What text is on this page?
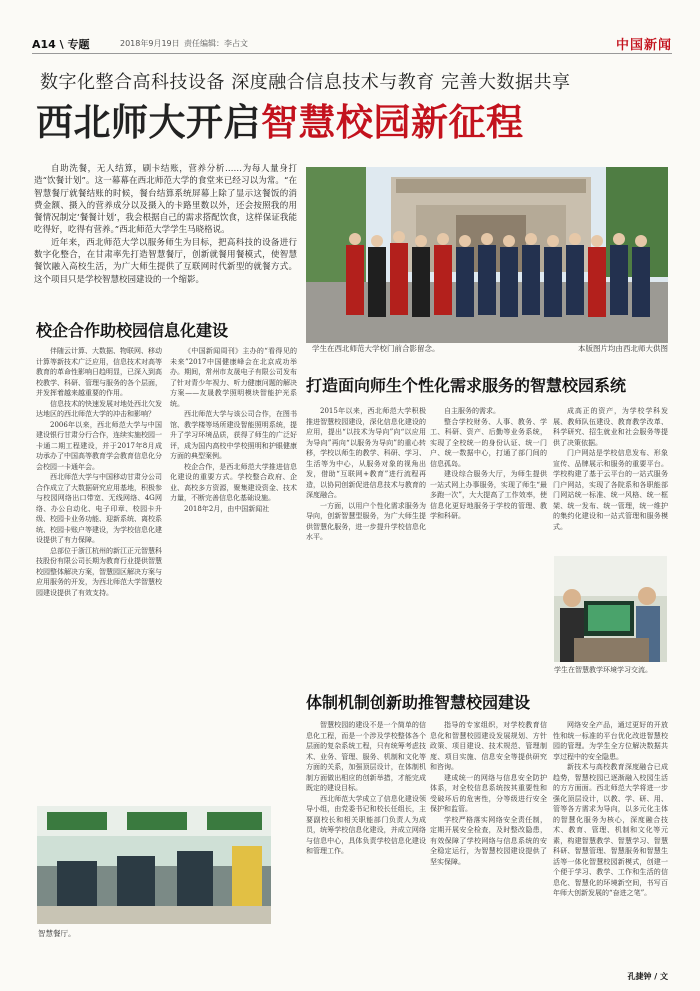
A14 \ 专题	2018年9月19日 责任编辑：李占文	中国新闻
数字化整合高科技设备 深度融合信息技术与教育 完善大数据共享
西北师大开启智慧校园新征程

自助洗餐，无人结算，刷卡结账，营养分析……为每人量身打造“饮餐计划”。这一幕幕在西北师范大学的食堂来已经习以为常。“在智慧餐厅就餐结账的时候，餐台结算系统屏幕上除了显示这餐饭的消费金额、摄入的营养成分以及摄入的卡路里数以外，还会按照我的用餐情况制定‘餐餐计划’，我会根据自己的需求搭配饮食，这样保证我能吃得好，吃得有营养。”西北师范大学学生马晓格说。

近年来，西北师范大学以服务师生为目标，把高科技的设备进行数字化整合，在甘肃率先打造智慧餐厅，创新就餐用餐模式，使智慧餐饮融入高校生活，为广大师生提供了互联网时代新型的就餐方式。这个项目只是学校智慧校园建设的一个缩影。

学生在西北师范大学校门前合影留念。	本版图片均由西北师大供图
校企合作助校园信息化建设

伴随云计算、大数据、物联网、移动计算等新技术广泛应用，信息技术对高等教育的革命性影响日趋明显，已深入到高校教学、科研、管理与服务的各个层面，并发挥着越来越重要的作用。

信息技术的快速发展对地处西北欠发达地区的西北师范大学的冲击和影响？

2006年以来，西北师范大学与中国建设银行甘肃分行合作，连续实施校园一卡通二期工程建设，并于2017年8月成功承办了中国高等教育学会教育信息化分会校园一卡通年会。

西北师范大学与中国移动甘肃分公司合作成立了大数据研究应用基地，积极参与校园网络出口带宽、无线网络、4G网络、办公自动化、电子印章、校园卡升级、校园卡业务功能、迎新系统、离校系统、校园卡账户等建设，为学校信息化建设提供了有力保障。

总部位于浙江杭州的新江正元智慧科技股份有限公司长期为教育行业提供智慧校园整体解决方案，智慧园区解决方案与应用服务的开发，为西北师范大学智慧校园建设提供了有效支持。

《中国新闻周刊》主办的“看得见的未来”2017中国健康峰会在北京成功举办。期间，常州市友晟电子有限公司发布了针对青少年视力、听力健康问题的解决方案——友晟教学照明模块智能护光系统。

西北师范大学与该公司合作，在图书馆、教学楼等场所建设智能照明系统，提升了学习环境品质，获得了师生的广泛好评，成为国内高校中学校照明和护眼健康方面的典型案例。

校企合作，是西北师范大学推进信息化建设的重要方式。学校整合政府、企业、高校多方资源，聚集建设资金、技术力量，不断完善信息化基础设施。

2018年2月，由中国新闻社

智慧餐厅。
打造面向师生个性化需求服务的智慧校园系统

2015年以来，西北师范大学积极推进智慧校园建设，深化信息化建设的应用，提出“以技术为导向”向“以应用为导向”再向“以服务为导向”的重心转移，学校以师生的教学、科研、学习、生活等为中心，从服务对象的视角出发，借助“互联网+教育”进行流程再造，以协同创新促进信息技术与教育的深度融合。

一方面，以用户个性化需求服务为导向，创新智慧型服务，为广大师生提供智慧化服务，进一步提升学校信息化水平。

自主服务的需求。

整合学校财务、人事、教务、学工、科研、资产、后勤等业务系统，实现了全校统一的身份认证、统一门户、统一数据中心，打通了部门间的信息孤岛。

建设综合服务大厅，为师生提供一站式网上办事服务，实现了师生“最多跑一次”，大大提高了工作效率，使信息化更好地服务于学校的管理、教学和科研。

成高正的资产，为学校学科发展、教师队伍建设、教育教学改革、科学研究、招生就业和社会服务等提供了决策依据。

门户网站是学校信息发布、形象宣传、品牌展示和服务的重要平台。学校构建了基于云平台的一站式服务门户网站，实现了各院系和各职能部门网站统一标准、统一风格、统一框架、统一发布、统一管理，统一维护的集约化建设和一站式管理和服务模式。

学生在智慧教学环境学习交流。
体制机制创新助推智慧校园建设

智慧校园的建设不是一个简单的信息化工程，而是一个涉及学校整体各个层面的复杂系统工程，只有统筹考虑技术、业务、管理、服务、机制和文化等方面的关系，加强顶层设计，在体制机制方面做出相应的创新举措，才能完成既定的建设目标。

西北师范大学成立了信息化建设领导小组，由党委书记和校长任组长，主要副校长和相关职能部门负责人为成员，统筹学校信息化建设，并成立网络与信息中心，具体负责学校信息化建设和管理工作。

指导的专家组织，对学校教育信息化和智慧校园建设发展规划、方针政策、项目建设、技术规范、管理制度、项目实施、信息安全等提供研究和咨询。

建成统一的网络与信息安全防护体系，对全校信息系统按其重要性和受破坏后的危害性，分等级进行安全保护和监管。

学校严格落实网络安全责任制，定期开展安全检查，及时整改隐患，有效保障了学校网络与信息系统的安全稳定运行，为智慧校园建设提供了坚实保障。

网络安全产品，通过更好的开放性和统一标准的平台优化改进智慧校园的管理。为学生全方位解决数据共享过程中的安全隐患。

新技术与高校教育深度融合已成趋势，智慧校园已逐渐融入校园生活的方方面面。西北师范大学将进一步强化顶层设计，以教、学、研、用、管等各方需求为导向，以多元化主体的智慧化服务为核心，深度融合技术、教育、管理、机制和文化等元素，构建智慧教学、智慧学习、智慧科研、智慧管理、智慧服务和智慧生活等一体化智慧校园新模式，创建一个便于学习、教学、工作和生活的信息化、智慧化的环境新空间，书写百年师大创新发展的“奋进之笔”。

孔捷钟 / 文
